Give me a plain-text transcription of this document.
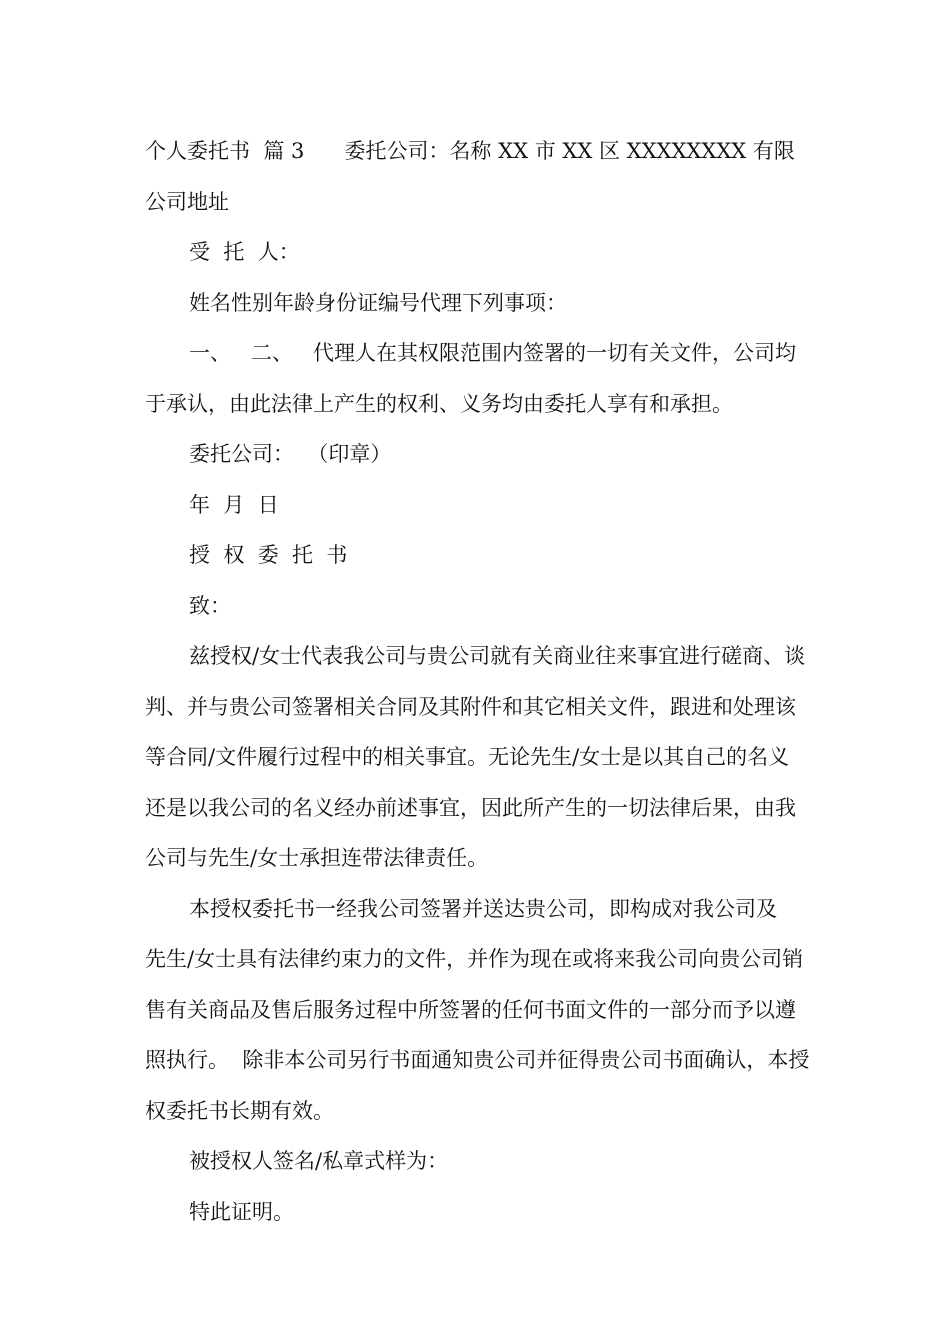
个人委托书  篇 3      委托公司：名称 XX 市 XX 区 XXXXXXXX 有限公司地址

受  托  人：

姓名性别年龄身份证编号代理下列事项：

一、   二、   代理人在其权限范围内签署的一切有关文件，公司均于承认，由此法律上产生的权利、义务均由委托人享有和承担。

委托公司：  （印章）

年  月  日

授  权  委  托  书

致：

兹授权/女士代表我公司与贵公司就有关商业往来事宜进行磋商、谈判、并与贵公司签署相关合同及其附件和其它相关文件，跟进和处理该等合同/文件履行过程中的相关事宜。无论先生/女士是以其自己的名义还是以我公司的名义经办前述事宜，因此所产生的一切法律后果，由我公司与先生/女士承担连带法律责任。

本授权委托书一经我公司签署并送达贵公司，即构成对我公司及  先生/女士具有法律约束力的文件，并作为现在或将来我公司向贵公司销售有关商品及售后服务过程中所签署的任何书面文件的一部分而予以遵照执行。  除非本公司另行书面通知贵公司并征得贵公司书面确认，本授权委托书长期有效。

被授权人签名/私章式样为：

特此证明。
